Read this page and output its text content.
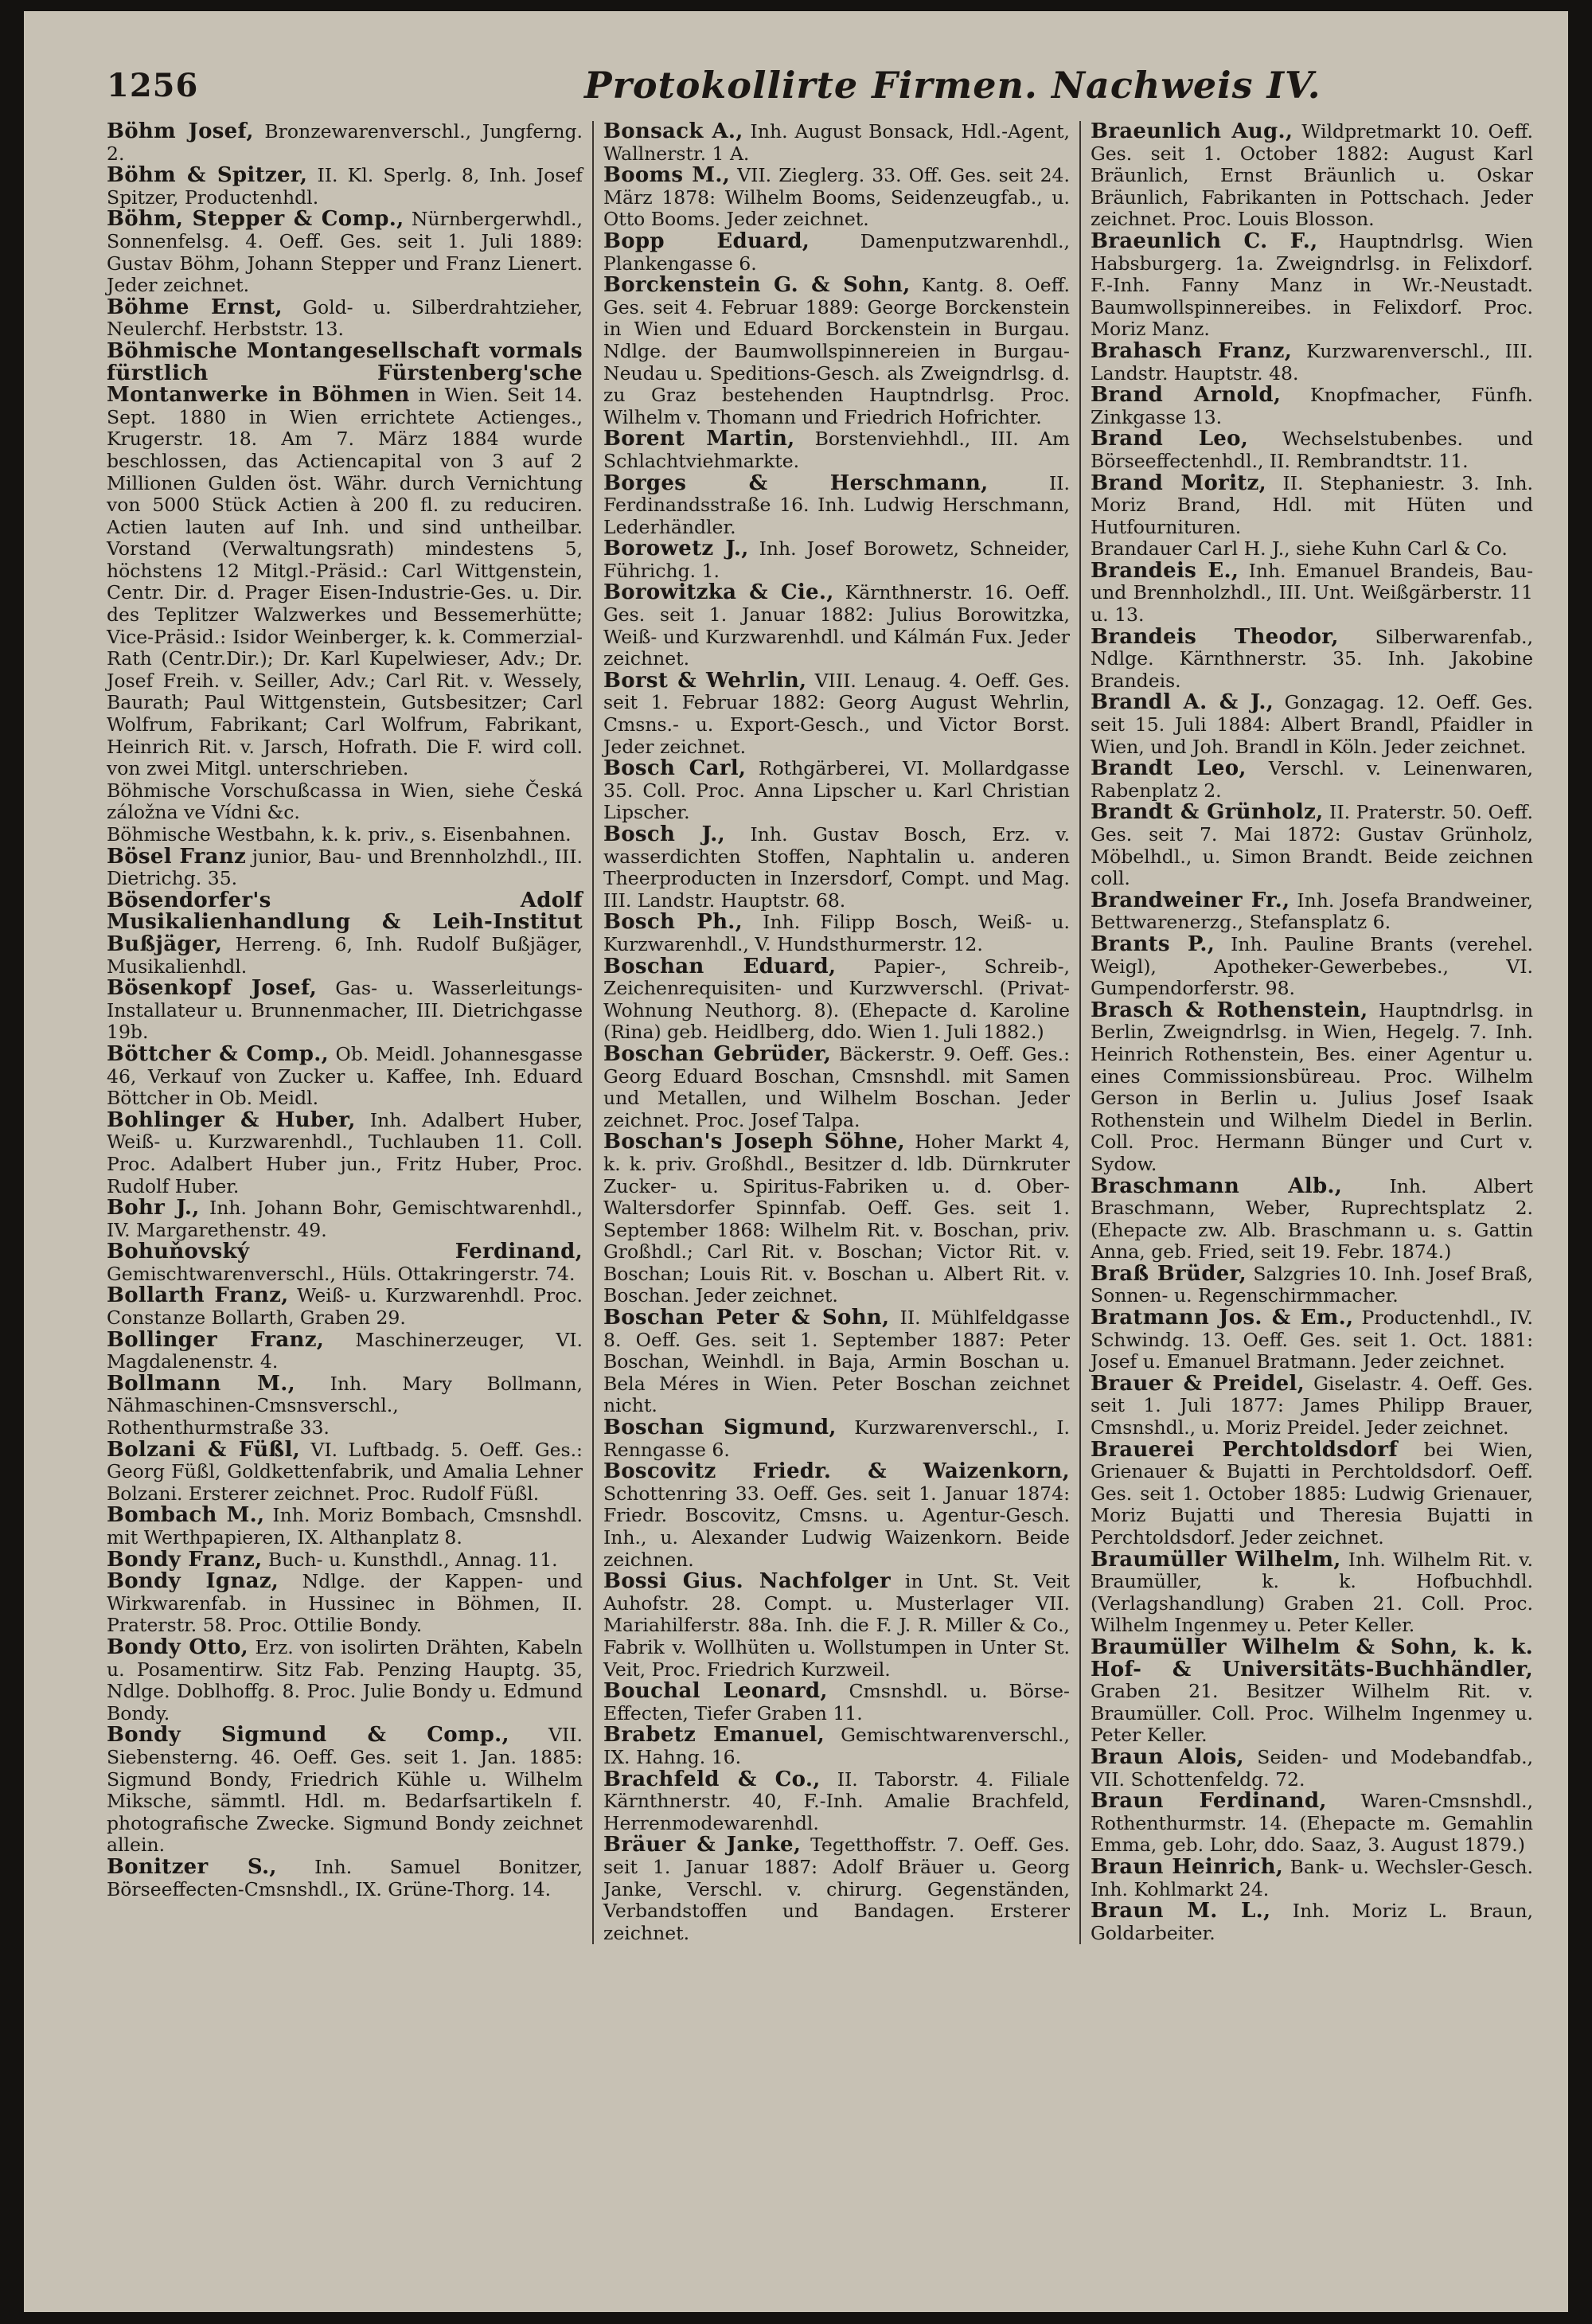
1256	Protokollirte Firmen. Nachweis IV.
Böhm Josef, Bronzewarenverschl., Jungferng. 2.
Böhm & Spitzer, II. Kl. Sperlg. 8, Inh. Josef Spitzer, Productenhdl.
Böhm, Stepper & Comp., Nürnbergerwhdl., Sonnenfelsg. 4. Oeff. Ges. seit 1. Juli 1889: Gustav Böhm, Johann Stepper und Franz Lienert. Jeder zeichnet.
Böhme Ernst, Gold- u. Silberdrahtzieher, Neulerchf. Herbststr. 13.
Böhmische Montangesellschaft vormals fürstlich Fürstenberg'sche Montanwerke in Böhmen in Wien. Seit 14. Sept. 1880 in Wien errichtete Actienges., Krugerstr. 18. Am 7. März 1884 wurde beschlossen, das Actiencapital von 3 auf 2 Millionen Gulden öst. Währ. durch Vernichtung von 5000 Stück Actien à 200 fl. zu reduciren. Actien lauten auf Inh. und sind untheilbar. Vorstand (Verwaltungsrath) mindestens 5, höchstens 12 Mitgl.-Präsid.: Carl Wittgenstein, Centr. Dir. d. Prager Eisen-Industrie-Ges. u. Dir. des Teplitzer Walzwerkes und Bessemerhütte; Vice-Präsid.: Isidor Weinberger, k. k. Commerzial-Rath (Centr.Dir.); Dr. Karl Kupelwieser, Adv.; Dr. Josef Freih. v. Seiller, Adv.; Carl Rit. v. Wessely, Baurath; Paul Wittgenstein, Gutsbesitzer; Carl Wolfrum, Fabrikant; Carl Wolfrum, Fabrikant, Heinrich Rit. v. Jarsch, Hofrath. Die F. wird coll. von zwei Mitgl. unterschrieben.
Böhmische Vorschußcassa in Wien, siehe Česká záložna ve Vídni &c.
Böhmische Westbahn, k. k. priv., s. Eisenbahnen.
Bösel Franz junior, Bau- und Brennholzhdl., III. Dietrichg. 35.
Bösendorfer's Adolf Musikalienhandlung & Leih-Institut Bußjäger, Herreng. 6, Inh. Rudolf Bußjäger, Musikalienhdl.
Bösenkopf Josef, Gas- u. Wasserleitungs-Installateur u. Brunnenmacher, III. Dietrichgasse 19b.
Böttcher & Comp., Ob. Meidl. Johannesgasse 46, Verkauf von Zucker u. Kaffee, Inh. Eduard Böttcher in Ob. Meidl.
Bohlinger & Huber, Inh. Adalbert Huber, Weiß- u. Kurzwarenhdl., Tuchlauben 11. Coll. Proc. Adalbert Huber jun., Fritz Huber, Proc. Rudolf Huber.
Bohr J., Inh. Johann Bohr, Gemischtwarenhdl., IV. Margarethenstr. 49.
Bohuňovský Ferdinand, Gemischtwarenverschl., Hüls. Ottakringerstr. 74.
Bollarth Franz, Weiß- u. Kurzwarenhdl. Proc. Constanze Bollarth, Graben 29.
Bollinger Franz, Maschinerzeuger, VI. Magdalenenstr. 4.
Bollmann M., Inh. Mary Bollmann, Nähmaschinen-Cmsnsverschl., Rothenthurmstraße 33.
Bolzani & Füßl, VI. Luftbadg. 5. Oeff. Ges.: Georg Füßl, Goldkettenfabrik, und Amalia Lehner Bolzani. Ersterer zeichnet. Proc. Rudolf Füßl.
Bombach M., Inh. Moriz Bombach, Cmsnshdl. mit Werthpapieren, IX. Althanplatz 8.
Bondy Franz, Buch- u. Kunsthdl., Annag. 11.
Bondy Ignaz, Ndlge. der Kappen- und Wirkwarenfab. in Hussinec in Böhmen, II. Praterstr. 58. Proc. Ottilie Bondy.
Bondy Otto, Erz. von isolirten Drähten, Kabeln u. Posamentirw. Sitz Fab. Penzing Hauptg. 35, Ndlge. Doblhoffg. 8. Proc. Julie Bondy u. Edmund Bondy.
Bondy Sigmund & Comp., VII. Siebensterng. 46. Oeff. Ges. seit 1. Jan. 1885: Sigmund Bondy, Friedrich Kühle u. Wilhelm Miksche, sämmtl. Hdl. m. Bedarfsartikeln f. photografische Zwecke. Sigmund Bondy zeichnet allein.
Bonitzer S., Inh. Samuel Bonitzer, Börseeffecten-Cmsnshdl., IX. Grüne-Thorg. 14.
Bonsack A., Inh. August Bonsack, Hdl.-Agent, Wallnerstr. 1 A.
Booms M., VII. Zieglerg. 33. Off. Ges. seit 24. März 1878: Wilhelm Booms, Seidenzeugfab., u. Otto Booms. Jeder zeichnet.
Bopp Eduard, Damenputzwarenhdl., Plankengasse 6.
Borckenstein G. & Sohn, Kantg. 8. Oeff. Ges. seit 4. Februar 1889: George Borckenstein in Wien und Eduard Borckenstein in Burgau. Ndlge. der Baumwollspinnereien in Burgau-Neudau u. Speditions-Gesch. als Zweigndrlsg. d. zu Graz bestehenden Hauptndrlsg. Proc. Wilhelm v. Thomann und Friedrich Hofrichter.
Borent Martin, Borstenviehhdl., III. Am Schlachtviehmarkte.
Borges & Herschmann, II. Ferdinandsstraße 16. Inh. Ludwig Herschmann, Lederhändler.
Borowetz J., Inh. Josef Borowetz, Schneider, Führichg. 1.
Borowitzka & Cie., Kärnthnerstr. 16. Oeff. Ges. seit 1. Januar 1882: Julius Borowitzka, Weiß- und Kurzwarenhdl. und Kálmán Fux. Jeder zeichnet.
Borst & Wehrlin, VIII. Lenaug. 4. Oeff. Ges. seit 1. Februar 1882: Georg August Wehrlin, Cmsns.- u. Export-Gesch., und Victor Borst. Jeder zeichnet.
Bosch Carl, Rothgärberei, VI. Mollardgasse 35. Coll. Proc. Anna Lipscher u. Karl Christian Lipscher.
Bosch J., Inh. Gustav Bosch, Erz. v. wasserdichten Stoffen, Naphtalin u. anderen Theerproducten in Inzersdorf, Compt. und Mag. III. Landstr. Hauptstr. 68.
Bosch Ph., Inh. Filipp Bosch, Weiß- u. Kurzwarenhdl., V. Hundsthurmerstr. 12.
Boschan Eduard, Papier-, Schreib-, Zeichenrequisiten- und Kurzwverschl. (Privat-Wohnung Neuthorg. 8). (Ehepacte d. Karoline (Rina) geb. Heidlberg, ddo. Wien 1. Juli 1882.)
Boschan Gebrüder, Bäckerstr. 9. Oeff. Ges.: Georg Eduard Boschan, Cmsnshdl. mit Samen und Metallen, und Wilhelm Boschan. Jeder zeichnet. Proc. Josef Talpa.
Boschan's Joseph Söhne, Hoher Markt 4, k. k. priv. Großhdl., Besitzer d. ldb. Dürnkruter Zucker- u. Spiritus-Fabriken u. d. Ober-Waltersdorfer Spinnfab. Oeff. Ges. seit 1. September 1868: Wilhelm Rit. v. Boschan, priv. Großhdl.; Carl Rit. v. Boschan; Victor Rit. v. Boschan; Louis Rit. v. Boschan u. Albert Rit. v. Boschan. Jeder zeichnet.
Boschan Peter & Sohn, II. Mühlfeldgasse 8. Oeff. Ges. seit 1. September 1887: Peter Boschan, Weinhdl. in Baja, Armin Boschan u. Bela Méres in Wien. Peter Boschan zeichnet nicht.
Boschan Sigmund, Kurzwarenverschl., I. Renngasse 6.
Boscovitz Friedr. & Waizenkorn, Schottenring 33. Oeff. Ges. seit 1. Januar 1874: Friedr. Boscovitz, Cmsns. u. Agentur-Gesch. Inh., u. Alexander Ludwig Waizenkorn. Beide zeichnen.
Bossi Gius. Nachfolger in Unt. St. Veit Auhofstr. 28. Compt. u. Musterlager VII. Mariahilferstr. 88a. Inh. die F. J. R. Miller & Co., Fabrik v. Wollhüten u. Wollstumpen in Unter St. Veit, Proc. Friedrich Kurzweil.
Bouchal Leonard, Cmsnshdl. u. Börse-Effecten, Tiefer Graben 11.
Brabetz Emanuel, Gemischtwarenverschl., IX. Hahng. 16.
Brachfeld & Co., II. Taborstr. 4. Filiale Kärnthnerstr. 40, F.-Inh. Amalie Brachfeld, Herrenmodewarenhdl.
Bräuer & Janke, Tegetthoffstr. 7. Oeff. Ges. seit 1. Januar 1887: Adolf Bräuer u. Georg Janke, Verschl. v. chirurg. Gegenständen, Verbandstoffen und Bandagen. Ersterer zeichnet.
Braeunlich Aug., Wildpretmarkt 10. Oeff. Ges. seit 1. October 1882: August Karl Bräunlich, Ernst Bräunlich u. Oskar Bräunlich, Fabrikanten in Pottschach. Jeder zeichnet. Proc. Louis Blosson.
Braeunlich C. F., Hauptndrlsg. Wien Habsburgerg. 1a. Zweigndrlsg. in Felixdorf. F.-Inh. Fanny Manz in Wr.-Neustadt. Baumwollspinnereibes. in Felixdorf. Proc. Moriz Manz.
Brahasch Franz, Kurzwarenverschl., III. Landstr. Hauptstr. 48.
Brand Arnold, Knopfmacher, Fünfh. Zinkgasse 13.
Brand Leo, Wechselstubenbes. und Börseeffectenhdl., II. Rembrandtstr. 11.
Brand Moritz, II. Stephaniestr. 3. Inh. Moriz Brand, Hdl. mit Hüten und Hutfournituren.
Brandauer Carl H. J., siehe Kuhn Carl & Co.
Brandeis E., Inh. Emanuel Brandeis, Bau- und Brennholzhdl., III. Unt. Weißgärberstr. 11 u. 13.
Brandeis Theodor, Silberwarenfab., Ndlge. Kärnthnerstr. 35. Inh. Jakobine Brandeis.
Brandl A. & J., Gonzagag. 12. Oeff. Ges. seit 15. Juli 1884: Albert Brandl, Pfaidler in Wien, und Joh. Brandl in Köln. Jeder zeichnet.
Brandt Leo, Verschl. v. Leinenwaren, Rabenplatz 2.
Brandt & Grünholz, II. Praterstr. 50. Oeff. Ges. seit 7. Mai 1872: Gustav Grünholz, Möbelhdl., u. Simon Brandt. Beide zeichnen coll.
Brandweiner Fr., Inh. Josefa Brandweiner, Bettwarenerzg., Stefansplatz 6.
Brants P., Inh. Pauline Brants (verehel. Weigl), Apotheker-Gewerbebes., VI. Gumpendorferstr. 98.
Brasch & Rothenstein, Hauptndrlsg. in Berlin, Zweigndrlsg. in Wien, Hegelg. 7. Inh. Heinrich Rothenstein, Bes. einer Agentur u. eines Commissionsbüreau. Proc. Wilhelm Gerson in Berlin u. Julius Josef Isaak Rothenstein und Wilhelm Diedel in Berlin. Coll. Proc. Hermann Bünger und Curt v. Sydow.
Braschmann Alb., Inh. Albert Braschmann, Weber, Ruprechtsplatz 2. (Ehepacte zw. Alb. Braschmann u. s. Gattin Anna, geb. Fried, seit 19. Febr. 1874.)
Braß Brüder, Salzgries 10. Inh. Josef Braß, Sonnen- u. Regenschirmmacher.
Bratmann Jos. & Em., Productenhdl., IV. Schwindg. 13. Oeff. Ges. seit 1. Oct. 1881: Josef u. Emanuel Bratmann. Jeder zeichnet.
Brauer & Preidel, Giselastr. 4. Oeff. Ges. seit 1. Juli 1877: James Philipp Brauer, Cmsnshdl., u. Moriz Preidel. Jeder zeichnet.
Brauerei Perchtoldsdorf bei Wien, Grienauer & Bujatti in Perchtoldsdorf. Oeff. Ges. seit 1. October 1885: Ludwig Grienauer, Moriz Bujatti und Theresia Bujatti in Perchtoldsdorf. Jeder zeichnet.
Braumüller Wilhelm, Inh. Wilhelm Rit. v. Braumüller, k. k. Hofbuchhdl. (Verlagshandlung) Graben 21. Coll. Proc. Wilhelm Ingenmey u. Peter Keller.
Braumüller Wilhelm & Sohn, k. k. Hof- & Universitäts-Buchhändler, Graben 21. Besitzer Wilhelm Rit. v. Braumüller. Coll. Proc. Wilhelm Ingenmey u. Peter Keller.
Braun Alois, Seiden- und Modebandfab., VII. Schottenfeldg. 72.
Braun Ferdinand, Waren-Cmsnshdl., Rothenthurmstr. 14. (Ehepacte m. Gemahlin Emma, geb. Lohr, ddo. Saaz, 3. August 1879.)
Braun Heinrich, Bank- u. Wechsler-Gesch. Inh. Kohlmarkt 24.
Braun M. L., Inh. Moriz L. Braun, Goldarbeiter.
